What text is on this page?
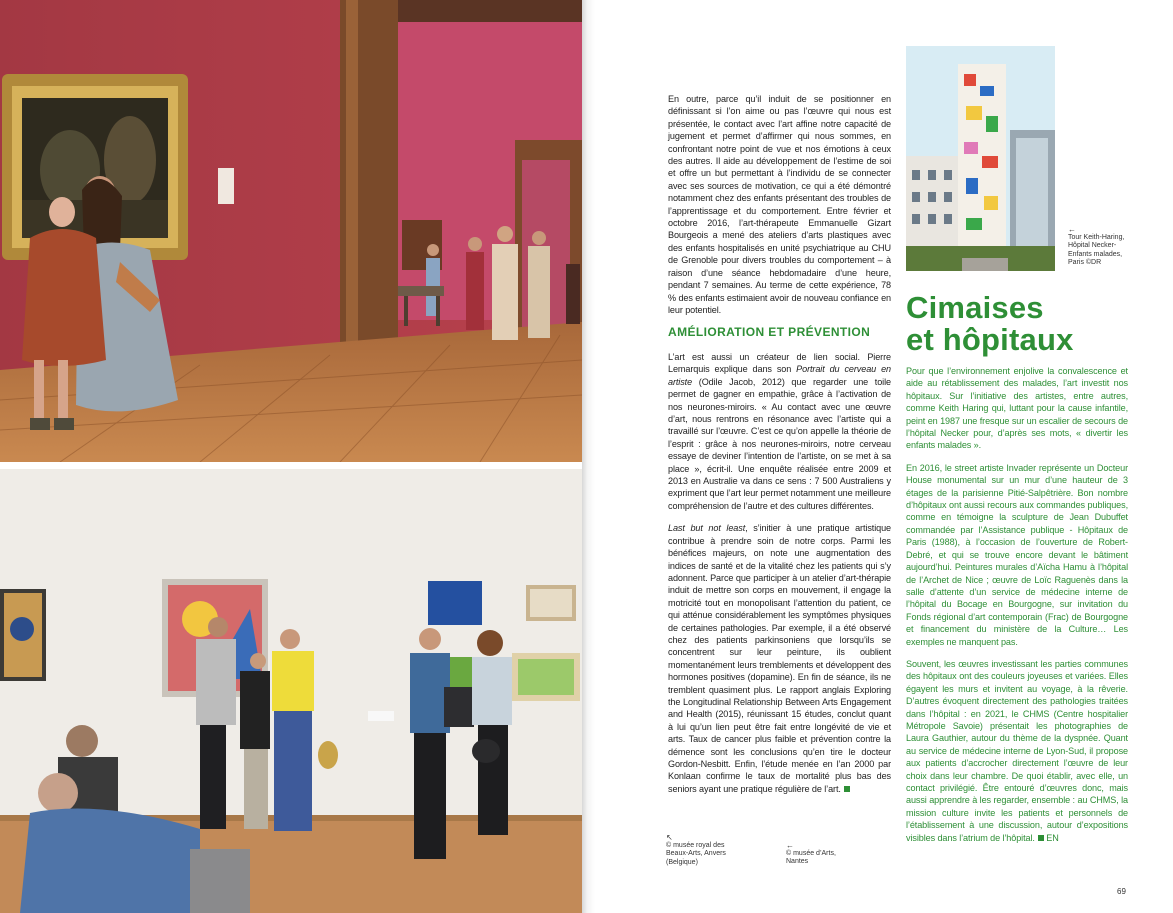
↖
© musée royal des Beaux-Arts, Anvers (Belgique)
←
© musée d’Arts, Nantes

En outre, parce qu’il induit de se positionner en définissant si l’on aime ou pas l’œuvre qui nous est présentée, le contact avec l’art affine notre capacité de jugement et permet d’affirmer qui nous sommes, en confrontant notre point de vue et nos émotions à ceux des autres. Il aide au développement de l’estime de soi et offre un but permettant à l’individu de se connecter avec ses sources de motivation, ce qui a été démontré notamment chez des enfants présentant des troubles de l’apprentissage et du comportement. Entre février et octobre 2016, l’art-thérapeute Emmanuelle Gizart Bourgeois a mené des ateliers d’arts plastiques avec des enfants hospitalisés en unité psychiatrique au CHU de Grenoble pour divers troubles du comportement – à raison d’une séance hebdomadaire d’une heure, pendant 7 semaines. Au terme de cette expérience, 78 % des enfants estimaient avoir de nouveau confiance en leur potentiel.

AMÉLIORATION ET PRÉVENTION

L’art est aussi un créateur de lien social. Pierre Lemarquis explique dans son Portrait du cerveau en artiste (Odile Jacob, 2012) que regarder une toile permet de gagner en empathie, grâce à l’activation de nos neurones-miroirs. « Au contact avec une œuvre d’art, nous rentrons en résonance avec l’artiste qui a travaillé sur l’œuvre. C’est ce qu’on appelle la théorie de l’esprit : grâce à nos neurones-miroirs, notre cerveau essaye de deviner l’intention de l’artiste, on se met à sa place », écrit-il. Une enquête réalisée entre 2009 et 2013 en Australie va dans ce sens : 7 500 Australiens y expriment que l’art leur permet notamment une meilleure compréhension de l’autre et des cultures différentes.

Last but not least, s’initier à une pratique artistique contribue à prendre soin de notre corps. Parmi les bénéfices majeurs, on note une augmentation des indices de santé et de la vitalité chez les patients qui s’y adonnent. Parce que participer à un atelier d’art-thérapie induit de mettre son corps en mouvement, il engage la motricité tout en monopolisant l’attention du patient, ce qui atténue considérablement les symptômes physiques de certaines pathologies. Par exemple, il a été observé chez des patients parkinsoniens que lorsqu’ils se concentrent sur leur peinture, ils oublient momentanément leurs tremblements et développent des hormones positives (dopamine). En fin de séance, ils ne tremblent quasiment plus. Le rapport anglais Exploring the Longitudinal Relationship Between Arts Engagement and Health (2015), réunissant 15 études, conclut quant à lui qu’un lien peut être fait entre longévité de vie et arts. Taux de cancer plus faible et prévention contre la démence sont les conclusions qu’en tire le docteur Gordon-Nesbitt. Enfin, l’étude menée en l’an 2000 par Konlaan confirme le taux de mortalité plus bas des seniors ayant une pratique régulière de l’art.

←
Tour Keith-Haring, Hôpital Necker-Enfants malades, Paris ©DR
Cimaises
et hôpitaux

Pour que l’environnement enjolive la convalescence et aide au rétablissement des malades, l’art investit nos hôpitaux. Sur l’initiative des artistes, entre autres, comme Keith Haring qui, luttant pour la cause infantile, peint en 1987 une fresque sur un escalier de secours de l’hôpital Necker pour, d’après ses mots, « divertir les enfants malades ».

En 2016, le street artiste Invader représente un Docteur House monumental sur un mur d’une hauteur de 3 étages de la parisienne Pitié-Salpêtrière. Bon nombre d’hôpitaux ont aussi recours aux commandes publiques, comme en témoigne la sculpture de Jean Dubuffet commandée par l’Assistance publique - Hôpitaux de Paris (1988), à l’occasion de l’ouverture de Robert-Debré, et qui se trouve encore devant le bâtiment aujourd’hui. Peintures murales d’Aïcha Hamu à l’hôpital de l’Archet de Nice ; œuvre de Loïc Raguenès dans la salle d’attente d’un service de médecine interne de l’hôpital du Bocage en Bourgogne, sur invitation du Fonds régional d’art contemporain (Frac) de Bourgogne et financement du ministère de la Culture… Les exemples ne manquent pas.

Souvent, les œuvres investissant les parties communes des hôpitaux ont des couleurs joyeuses et variées. Elles égayent les murs et invitent au voyage, à la rêverie. D’autres évoquent directement des pathologies traitées dans l’hôpital : en 2021, le CHMS (Centre hospitalier Métropole Savoie) présentait les photographies de Laura Gauthier, autour du thème de la dyspnée. Quant au service de médecine interne de Lyon-Sud, il propose aux patients d’accrocher directement l’œuvre de leur choix dans leur chambre. De quoi établir, avec elle, un contact privilégié. Être entouré d’œuvres donc, mais aussi apprendre à les regarder, ensemble : au CHMS, la mission culture invite les patients et personnels de l’établissement à une discussion, autour d’expositions visibles dans l’atrium de l’hôpital. EN

69
